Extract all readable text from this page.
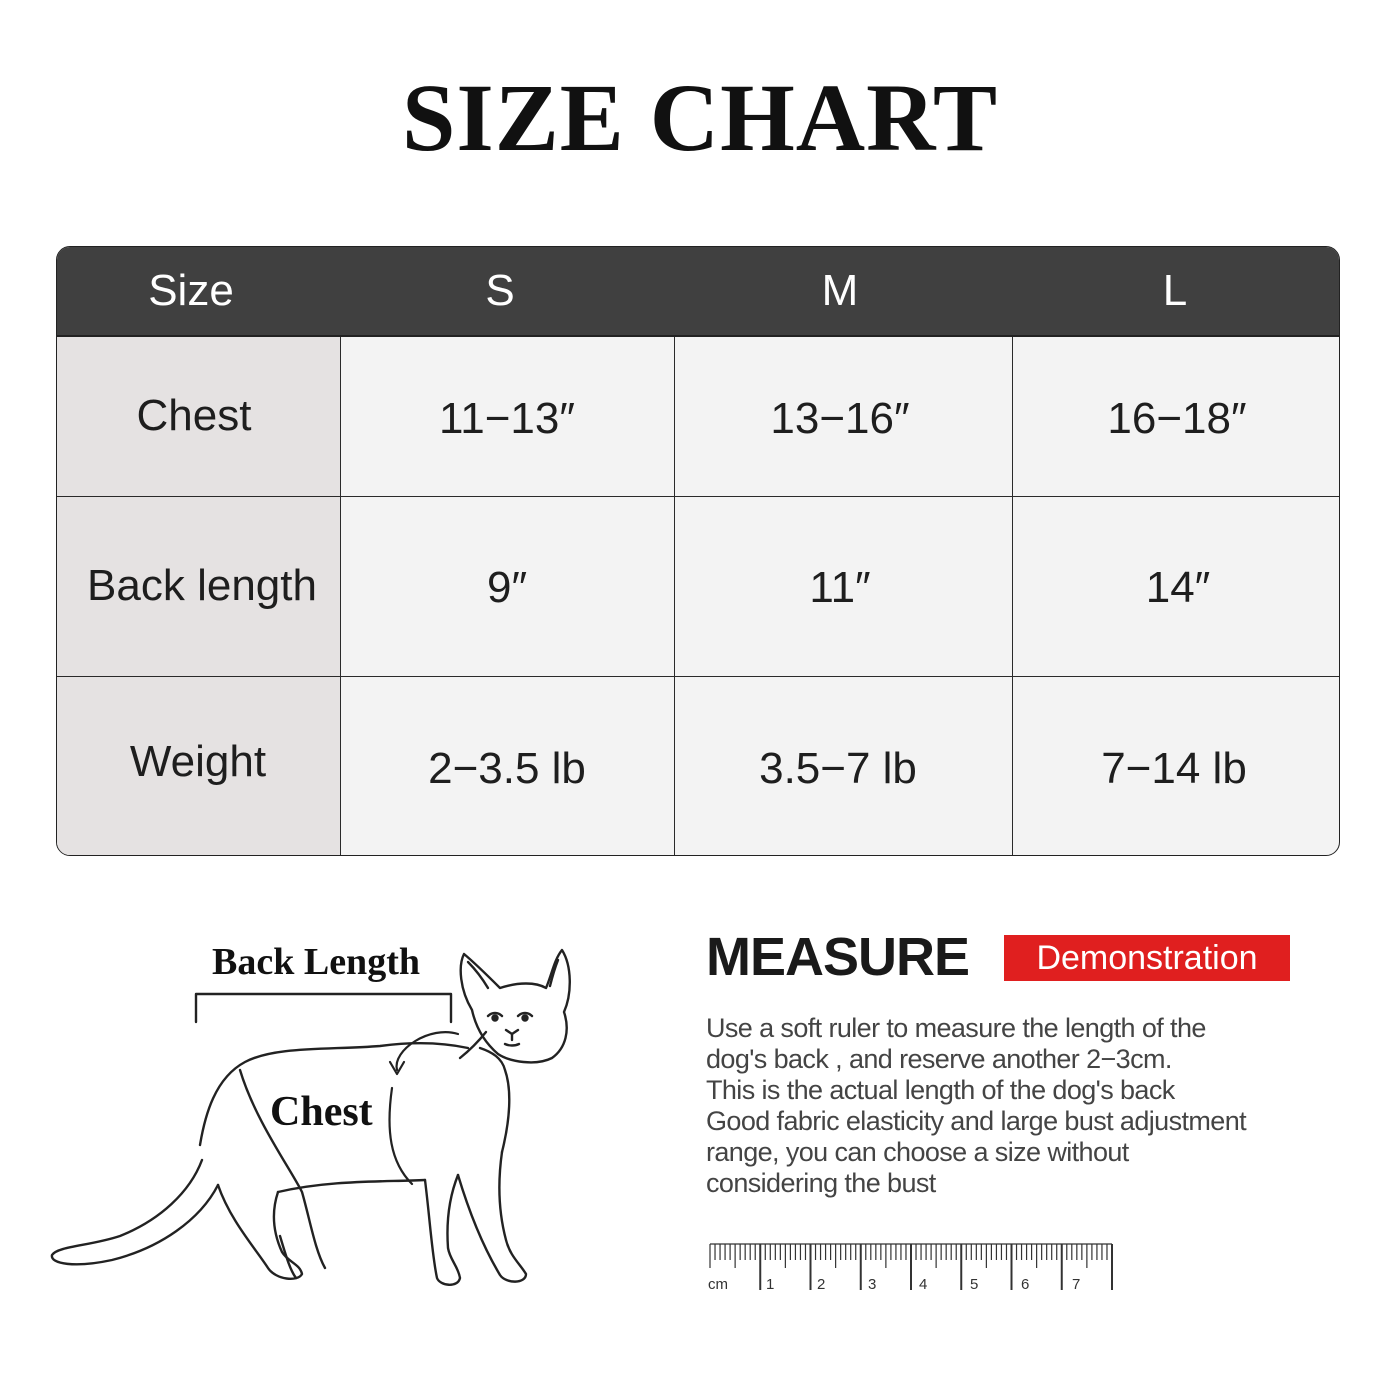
SIZE CHART
Size	S	M	L
Chest	11−13″	13−16″	16−18″
Back length	9″	11″	14″
Weight	2−3.5 lb	3.5−7 lb	7−14 lb
Back Length
Chest
MEASURE	Demonstration
Use a soft ruler to measure the length of the
dog's back , and reserve another 2−3cm.
This is the actual length of the dog's back
Good fabric elasticity and large bust adjustment
range, you can choose a size without
considering the bust
cm	1	2	3	4	5	6	7
